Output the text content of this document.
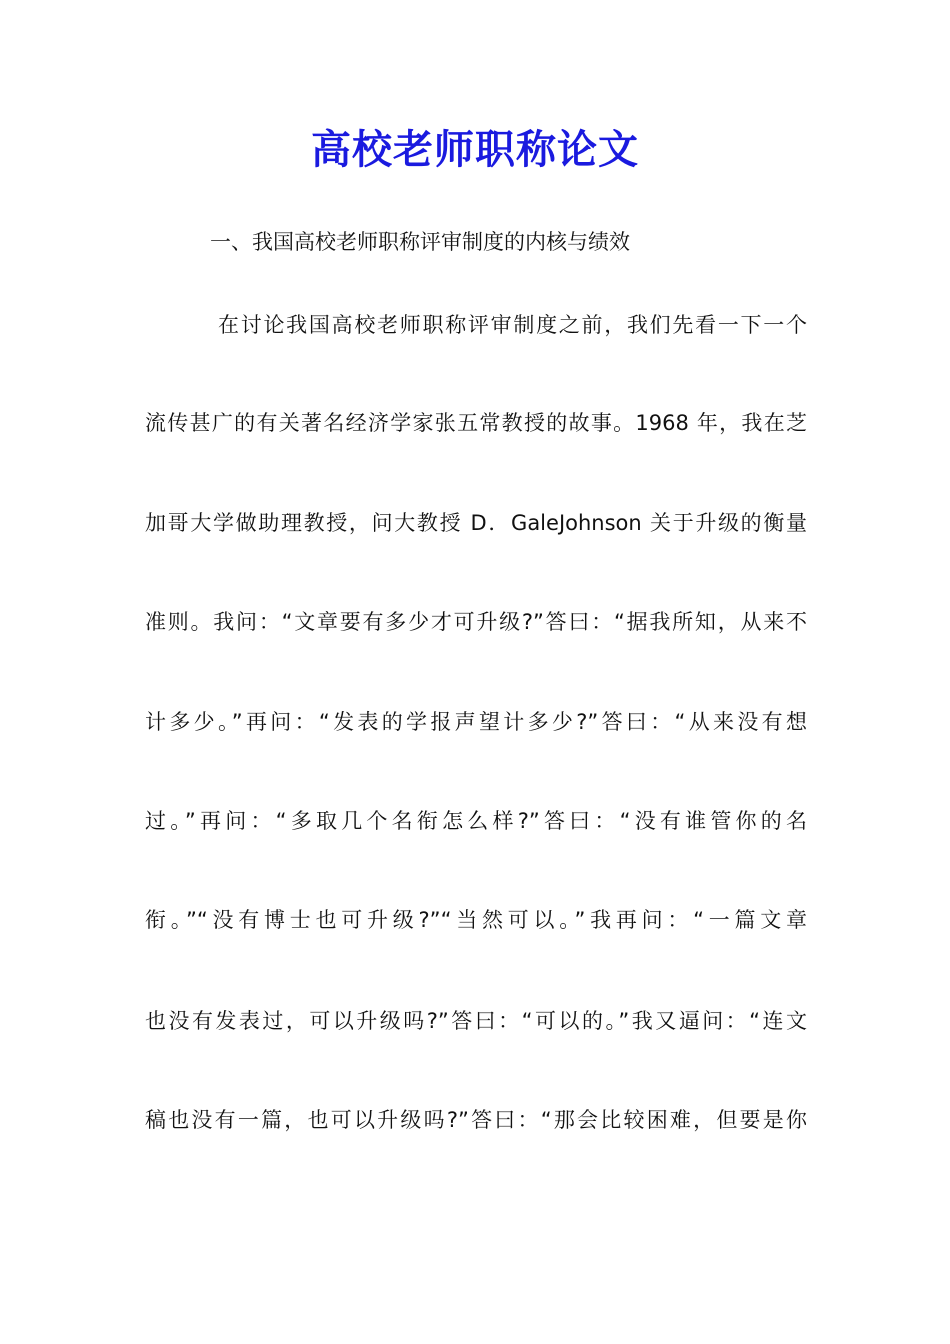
高校老师职称论文
一、我国高校老师职称评审制度的内核与绩效
在讨论我国高校老师职称评审制度之前，我们先看一下一个
流传甚广的有关著名经济学家张五常教授的故事。1968 年，我在芝
加哥大学做助理教授，问大教授 D．GaleJohnson 关于升级的衡量
准则。我问：“文章要有多少才可升级?”答曰：“据我所知，从来不
计多少。”再问：“发表的学报声望计多少?”答曰：“从来没有想
过。”再问：“多取几个名衔怎么样?”答曰：“没有谁管你的名
衔。”“没有博士也可升级?”“当然可以。”我再问：“一篇文章
也没有发表过，可以升级吗?”答曰：“可以的。”我又逼问：“连文
稿也没有一篇，也可以升级吗?”答曰：“那会比较困难，但要是你
